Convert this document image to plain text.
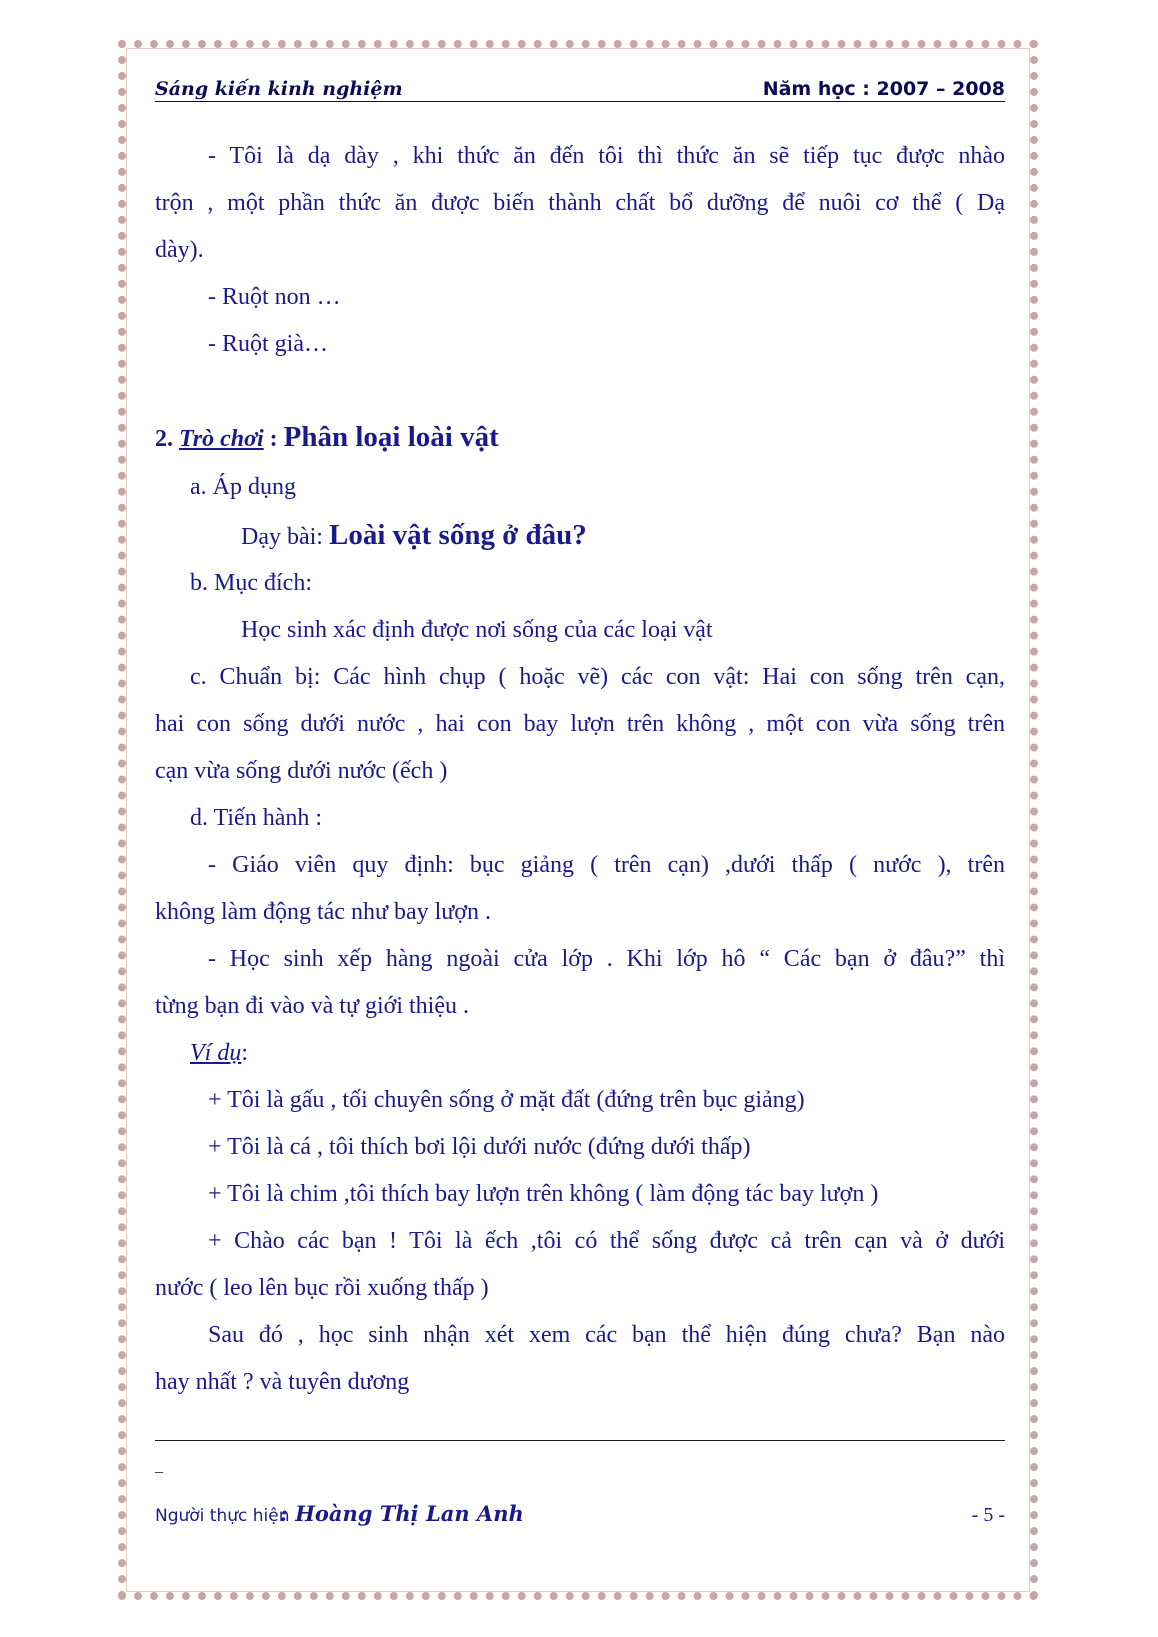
Sáng kiến kinh nghiệm	Năm học : 2007 – 2008
- Tôi là dạ dày , khi thức ăn đến tôi thì thức ăn sẽ tiếp tục được nhào
trộn , một phần thức ăn được biến thành chất bổ dưỡng để nuôi cơ thể ( Dạ
dày).
- Ruột non …
- Ruột già…
2. Trò chơi : Phân loại loài vật
a. Áp dụng
Dạy bài: Loài vật sống ở đâu?
b. Mục đích:
Học sinh xác định được nơi sống của các loại vật
c. Chuẩn bị: Các hình chụp ( hoặc vẽ) các con vật: Hai con sống trên cạn,
hai con sống dưới nước , hai con bay lượn trên không , một con vừa sống trên
cạn vừa sống dưới nước (ếch )
d. Tiến hành :
- Giáo viên quy định: bục giảng ( trên cạn) ,dưới thấp ( nước ), trên
không làm động tác như bay lượn .
- Học sinh xếp hàng ngoài cửa lớp . Khi lớp hô “ Các bạn ở đâu?” thì
từng bạn đi vào và tự giới thiệu .
Ví dụ:
+ Tôi là gấu , tối chuyên sống ở mặt đất (đứng trên bục giảng)
+ Tôi là cá , tôi thích bơi lội dưới nước (đứng dưới thấp)
+ Tôi là chim ,tôi thích bay lượn trên không ( làm động tác bay lượn )
+ Chào các bạn ! Tôi là ếch ,tôi có thể sống được cả trên cạn và ở dưới
nước ( leo lên bục rồi xuống thấp )
Sau đó , học sinh nhận xét xem các bạn thể hiện đúng chưa? Bạn nào
hay nhất ? và tuyên dương
_
Người thực hiện
: Hoàng Thị Lan Anh	- 5 -
